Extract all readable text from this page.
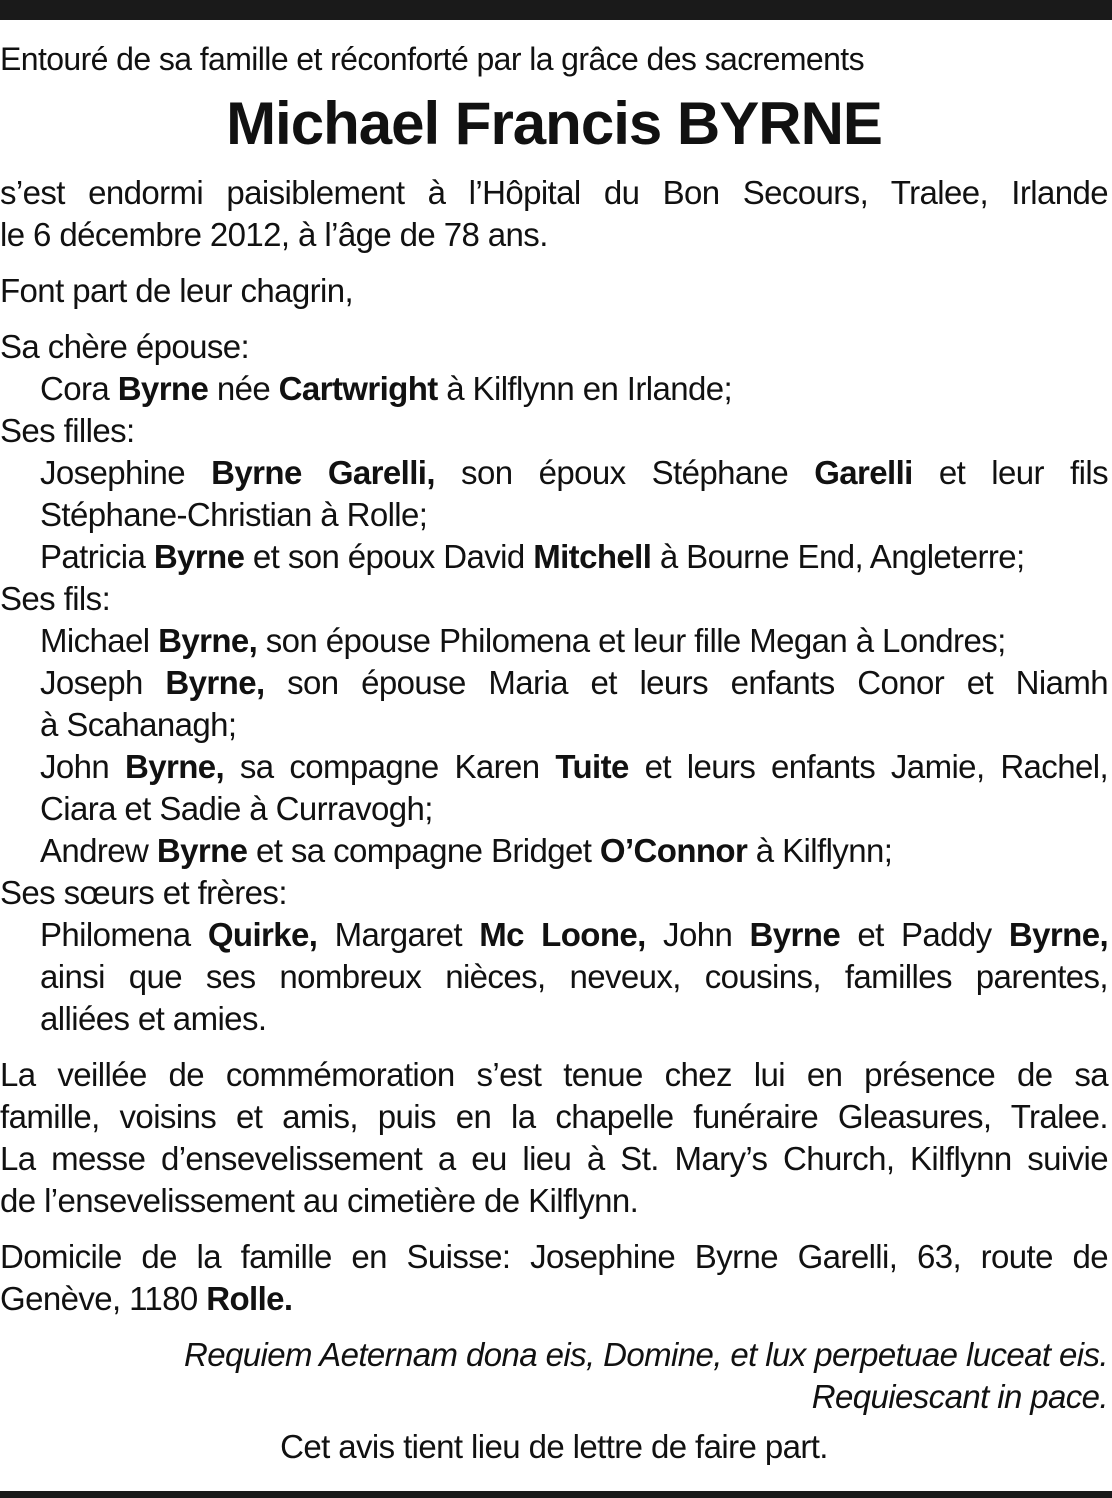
Entouré de sa famille et réconforté par la grâce des sacrements

Michael Francis BYRNE

s’est endormi paisiblement à l’Hôpital du Bon Secours, Tralee, Irlande

le 6 décembre 2012, à l’âge de 78 ans.

Font part de leur chagrin,

Sa chère épouse:

Cora Byrne née Cartwright à Kilflynn en Irlande;

Ses filles:

Josephine Byrne Garelli, son époux Stéphane Garelli et leur fils

Stéphane-Christian à Rolle;

Patricia Byrne et son époux David Mitchell à Bourne End, Angleterre;

Ses fils:

Michael Byrne, son épouse Philomena et leur fille Megan à Londres;

Joseph Byrne, son épouse Maria et leurs enfants Conor et Niamh

à Scahanagh;

John Byrne, sa compagne Karen Tuite et leurs enfants Jamie, Rachel,

Ciara et Sadie à Curravogh;

Andrew Byrne et sa compagne Bridget O’Connor à Kilflynn;

Ses sœurs et frères:

Philomena Quirke, Margaret Mc Loone, John Byrne et Paddy Byrne,

ainsi que ses nombreux nièces, neveux, cousins, familles parentes,

alliées et amies.

La veillée de commémoration s’est tenue chez lui en présence de sa

famille, voisins et amis, puis en la chapelle funéraire Gleasures, Tralee.

La messe d’ensevelissement a eu lieu à St. Mary’s Church, Kilflynn suivie

de l’ensevelissement au cimetière de Kilflynn.

Domicile de la famille en Suisse: Josephine Byrne Garelli, 63, route de

Genève, 1180 Rolle.

Requiem Aeternam dona eis, Domine, et lux perpetuae luceat eis.

Requiescant in pace.

Cet avis tient lieu de lettre de faire part.
